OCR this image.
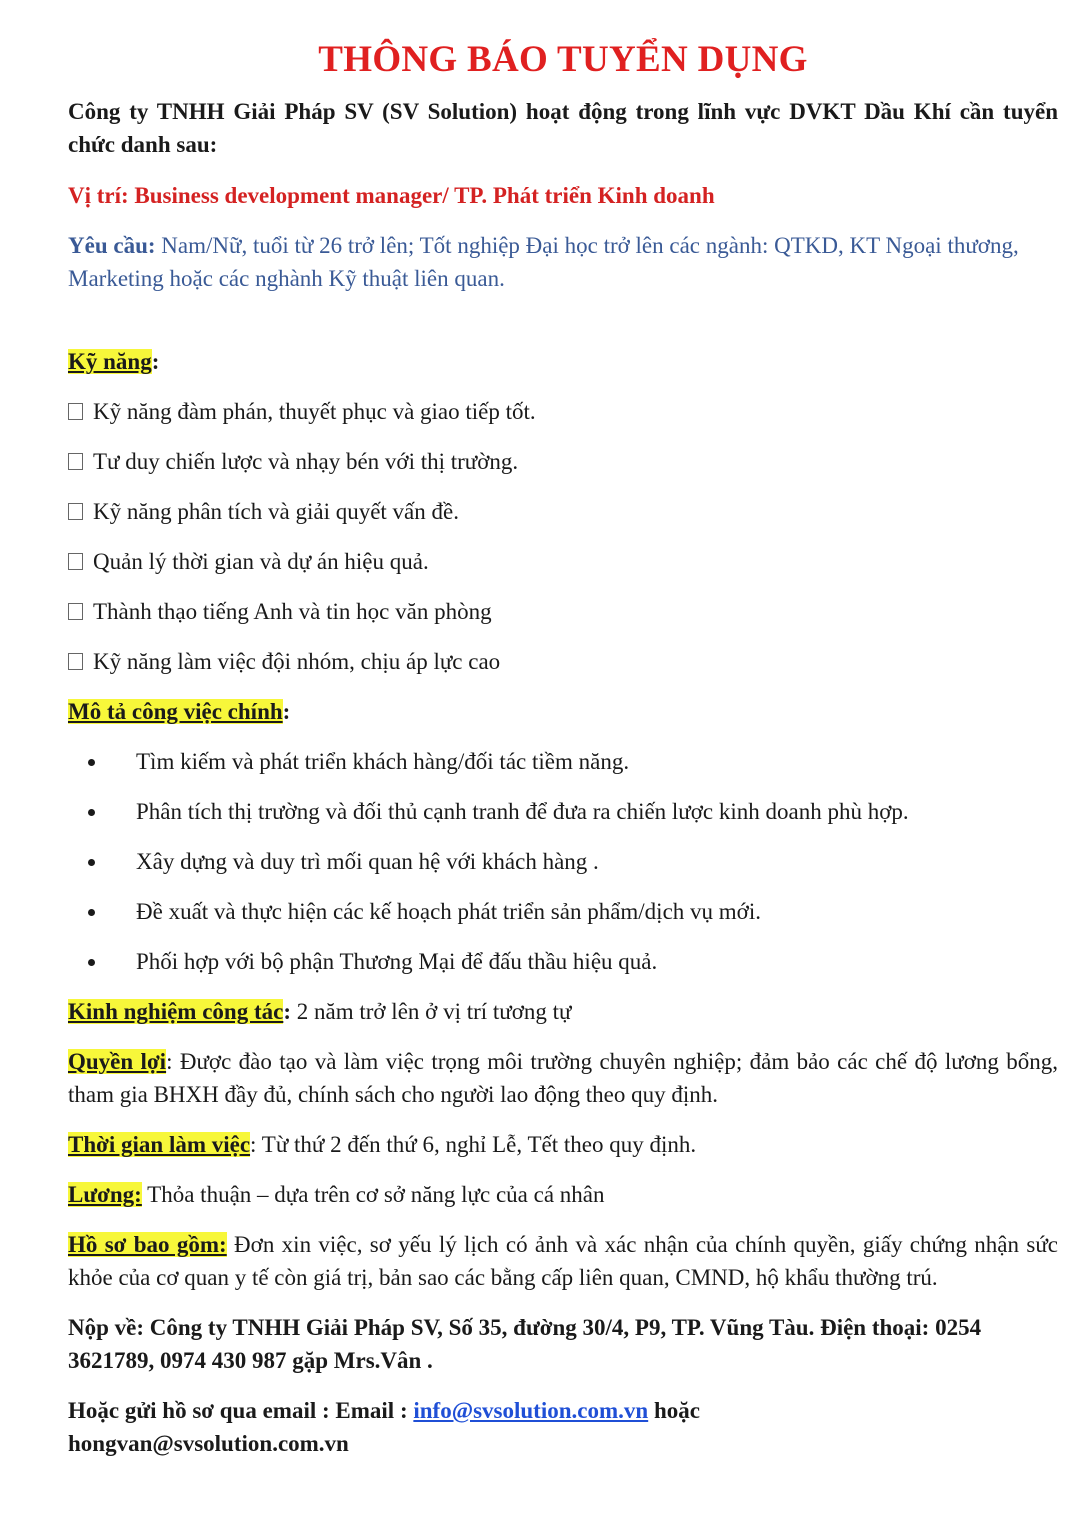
THÔNG BÁO TUYỂN DỤNG

Công ty TNHH Giải Pháp SV (SV Solution) hoạt động trong lĩnh vực DVKT Dầu Khí cần tuyển chức danh sau:

Vị trí: Business development manager/ TP. Phát triển Kinh doanh

Yêu cầu: Nam/Nữ, tuổi từ 26 trở lên; Tốt nghiệp Đại học trở lên các ngành: QTKD, KT Ngoại thương, Marketing hoặc các nghành Kỹ thuật liên quan.

Kỹ năng:

Kỹ năng đàm phán, thuyết phục và giao tiếp tốt.
Tư duy chiến lược và nhạy bén với thị trường.
Kỹ năng phân tích và giải quyết vấn đề.
Quản lý thời gian và dự án hiệu quả.
Thành thạo tiếng Anh và tin học văn phòng
Kỹ năng làm việc đội nhóm, chịu áp lực cao

Mô tả công việc chính:

Tìm kiếm và phát triển khách hàng/đối tác tiềm năng.
Phân tích thị trường và đối thủ cạnh tranh để đưa ra chiến lược kinh doanh phù hợp.
Xây dựng và duy trì mối quan hệ với khách hàng .
Đề xuất và thực hiện các kế hoạch phát triển sản phẩm/dịch vụ mới.
Phối hợp với bộ phận Thương Mại để đấu thầu hiệu quả.

Kinh nghiệm công tác: 2 năm trở lên ở vị trí tương tự

Quyền lợi: Được đào tạo và làm việc trọng môi trường chuyên nghiệp; đảm bảo các chế độ lương bổng, tham gia BHXH đầy đủ, chính sách cho người lao động theo quy định.

Thời gian làm việc: Từ thứ 2 đến thứ 6, nghỉ Lễ, Tết theo quy định.

Lương: Thỏa thuận – dựa trên cơ sở năng lực của cá nhân

Hồ sơ bao gồm: Đơn xin việc, sơ yếu lý lịch có ảnh và xác nhận của chính quyền, giấy chứng nhận sức khỏe của cơ quan y tế còn giá trị, bản sao các bằng cấp liên quan, CMND, hộ khẩu thường trú.

Nộp về: Công ty TNHH Giải Pháp SV, Số 35, đường 30/4, P9, TP. Vũng Tàu. Điện thoại: 0254 3621789, 0974 430 987 gặp Mrs.Vân .

Hoặc gửi hồ sơ qua email : Email : info@svsolution.com.vn hoặc
hongvan@svsolution.com.vn
